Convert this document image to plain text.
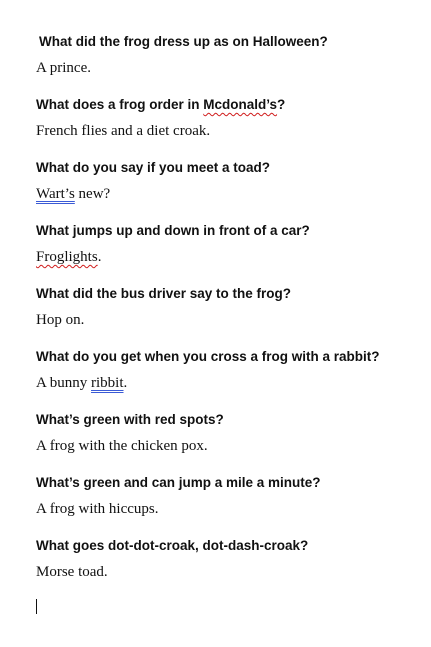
What did the frog dress up as on Halloween?

A prince.

What does a frog order in Mcdonald’s?

French flies and a diet croak.

What do you say if you meet a toad?

Wart’s new?

What jumps up and down in front of a car?

Froglights.

What did the bus driver say to the frog?

Hop on.

What do you get when you cross a frog with a rabbit?

A bunny ribbit.

What’s green with red spots?

A frog with the chicken pox.

What’s green and can jump a mile a minute?

A frog with hiccups.

What goes dot-dot-croak, dot-dash-croak?

Morse toad.
